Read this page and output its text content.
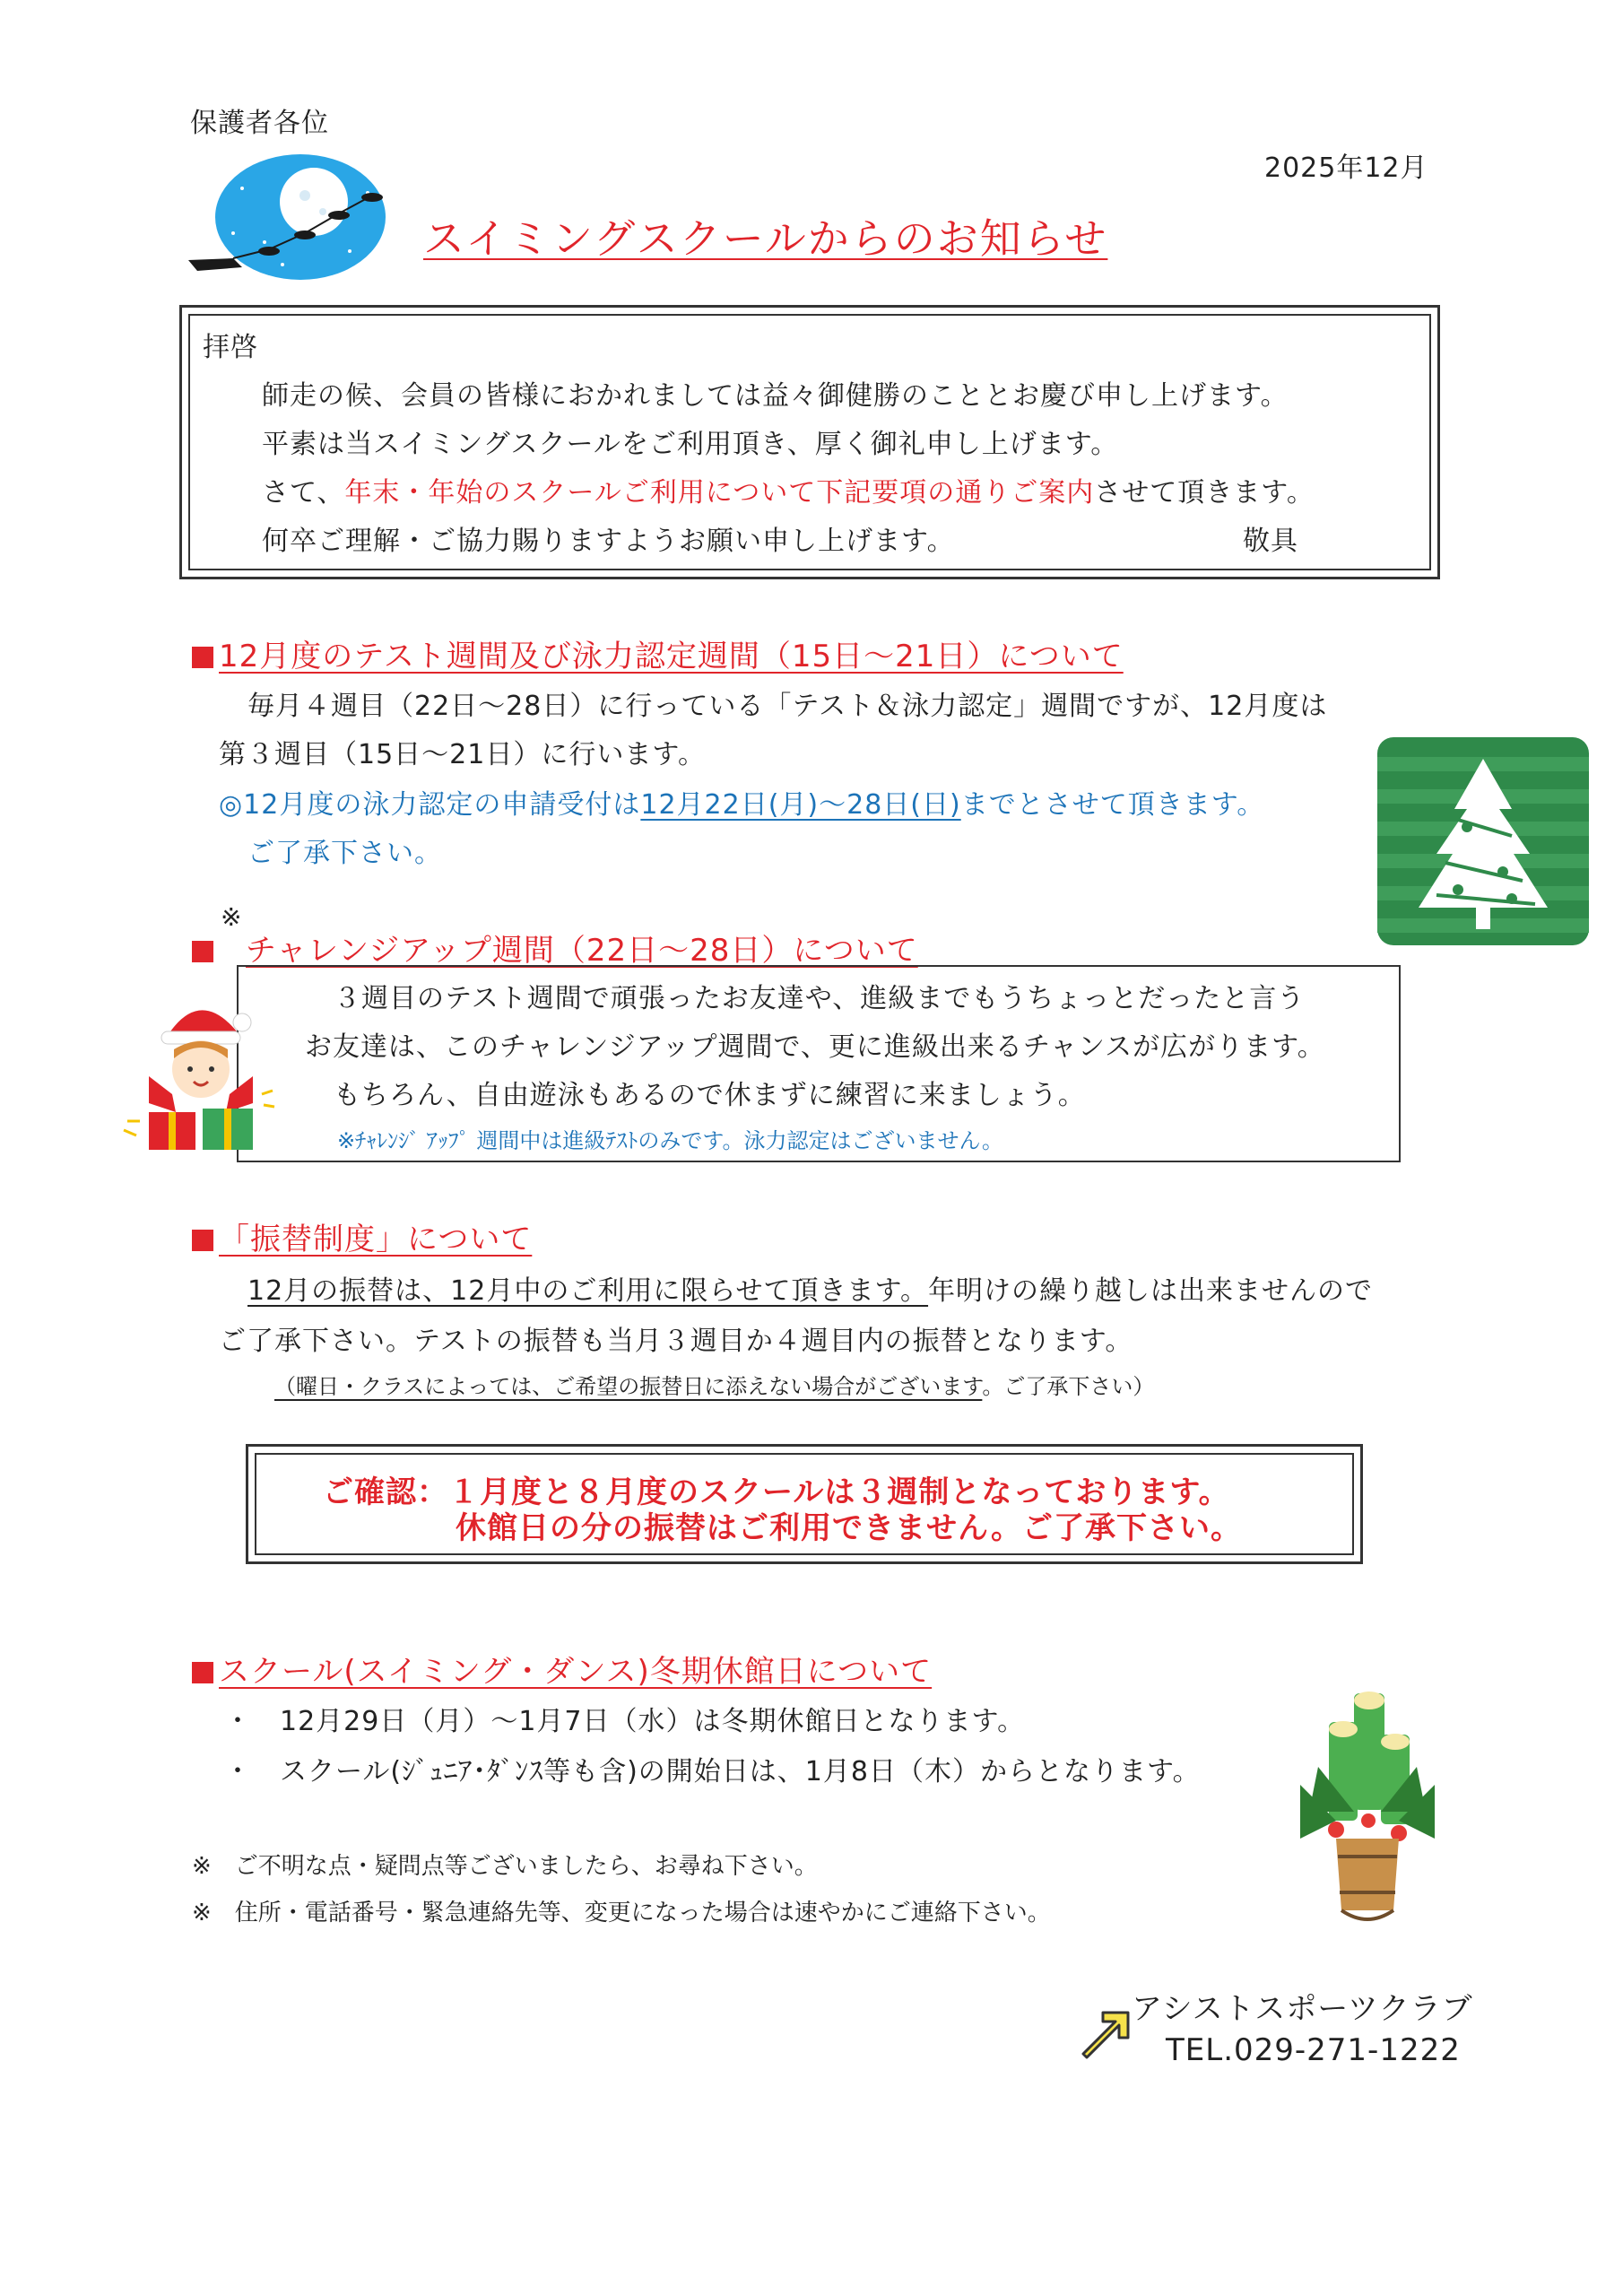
保護者各位
2025年12月
スイミングスクールからのお知らせ
拝啓
師走の候、会員の皆様におかれましては益々御健勝のこととお慶び申し上げます。
平素は当スイミングスクールをご利用頂き、厚く御礼申し上げます。
さて、年末・年始のスクールご利用について下記要項の通りご案内させて頂きます。
何卒ご理解・ご協力賜りますようお願い申し上げます。	敬具
12月度のテスト週間及び泳力認定週間（15日～21日）について
毎月４週目（22日～28日）に行っている「テスト＆泳力認定」週間ですが、12月度は
第３週目（15日～21日）に行います。
◎12月度の泳力認定の申請受付は12月22日(月)～28日(日)までとさせて頂きます。
ご了承下さい。
※
チャレンジアップ週間（22日～28日）について
３週目のテスト週間で頑張ったお友達や、進級までもうちょっとだったと言う
お友達は、このチャレンジアップ週間で、更に進級出来るチャンスが広がります。
もちろん、自由遊泳もあるので休まずに練習に来ましょう。
※ﾁｬﾚﾝｼﾞ ｱｯﾌﾟ 週間中は進級ﾃｽﾄのみです。泳力認定はございません。
「振替制度」について
12月の振替は、12月中のご利用に限らせて頂きます。年明けの繰り越しは出来ませんので
ご了承下さい。テストの振替も当月３週目か４週目内の振替となります。
（曜日・クラスによっては、ご希望の振替日に添えない場合がございます。ご了承下さい）
ご確認：１月度と８月度のスクールは３週制となっております。
休館日の分の振替はご利用できません。ご了承下さい。
スクール(スイミング・ダンス)冬期休館日について
・　12月29日（月）～1月7日（水）は冬期休館日となります。
・　スクール(ｼﾞｭﾆｱ･ﾀﾞﾝｽ等も含)の開始日は、1月8日（木）からとなります。
※　ご不明な点・疑問点等ございましたら、お尋ね下さい。
※　住所・電話番号・緊急連絡先等、変更になった場合は速やかにご連絡下さい。
アシストスポーツクラブ
TEL.029-271-1222
